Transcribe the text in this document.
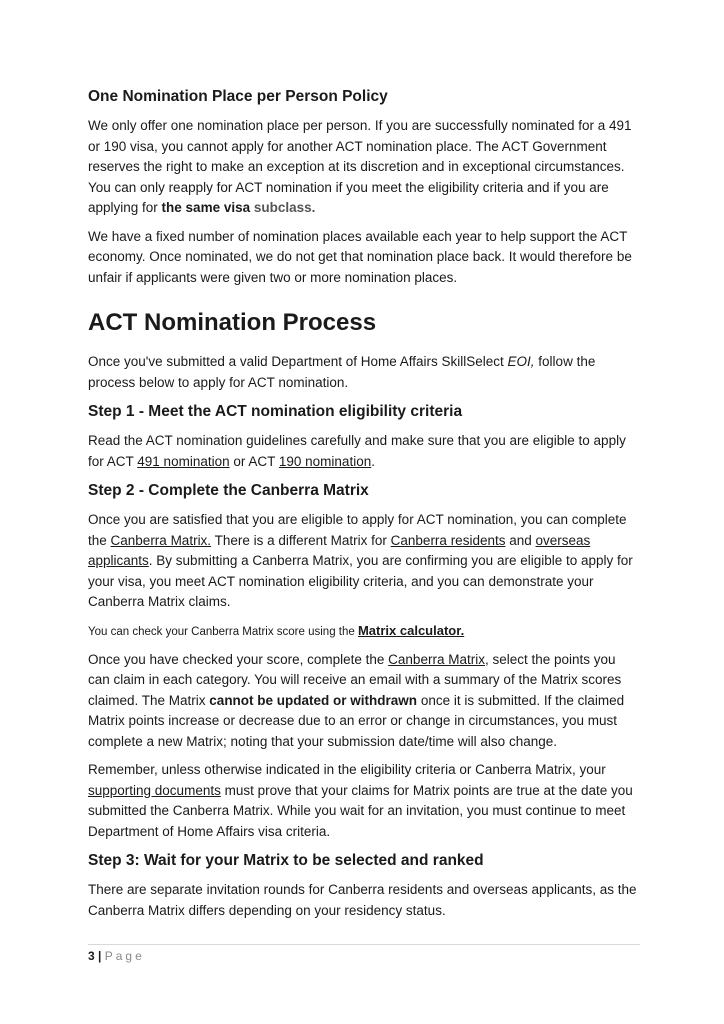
One Nomination Place per Person Policy

We only offer one nomination place per person. If you are successfully nominated for a 491 or 190 visa, you cannot apply for another ACT nomination place. The ACT Government reserves the right to make an exception at its discretion and in exceptional circumstances. You can only reapply for ACT nomination if you meet the eligibility criteria and if you are applying for the same visa subclass.

We have a fixed number of nomination places available each year to help support the ACT economy. Once nominated, we do not get that nomination place back. It would therefore be unfair if applicants were given two or more nomination places.

ACT Nomination Process

Once you've submitted a valid Department of Home Affairs SkillSelect EOI, follow the process below to apply for ACT nomination.

Step 1 - Meet the ACT nomination eligibility criteria

Read the ACT nomination guidelines carefully and make sure that you are eligible to apply for ACT 491 nomination or ACT 190 nomination.

Step 2 - Complete the Canberra Matrix

Once you are satisfied that you are eligible to apply for ACT nomination, you can complete the Canberra Matrix. There is a different Matrix for Canberra residents and overseas applicants. By submitting a Canberra Matrix, you are confirming you are eligible to apply for your visa, you meet ACT nomination eligibility criteria, and you can demonstrate your Canberra Matrix claims.

You can check your Canberra Matrix score using the Matrix calculator.

Once you have checked your score, complete the Canberra Matrix, select the points you can claim in each category. You will receive an email with a summary of the Matrix scores claimed. The Matrix cannot be updated or withdrawn once it is submitted. If the claimed Matrix points increase or decrease due to an error or change in circumstances, you must complete a new Matrix; noting that your submission date/time will also change.

Remember, unless otherwise indicated in the eligibility criteria or Canberra Matrix, your supporting documents must prove that your claims for Matrix points are true at the date you submitted the Canberra Matrix. While you wait for an invitation, you must continue to meet Department of Home Affairs visa criteria.

Step 3: Wait for your Matrix to be selected and ranked

There are separate invitation rounds for Canberra residents and overseas applicants, as the Canberra Matrix differs depending on your residency status.

3 | Page
